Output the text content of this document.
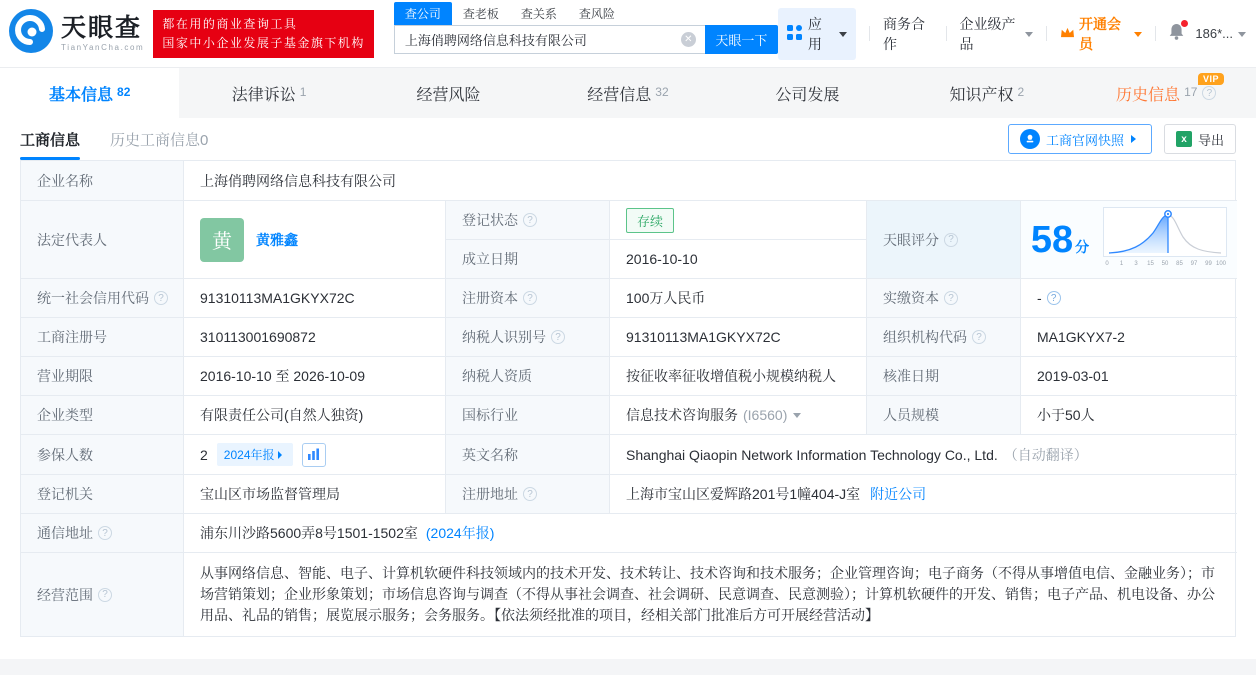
天眼查
TianYanCha.com
都在用的商业查询工具
国家中小企业发展子基金旗下机构
查公司	查老板	查关系	查风险
上海俏聘网络信息科技有限公司
✕	天眼一下
应用
商务合作
企业级产品
开通会员
186*...
基本信息 82	法律诉讼 1	经营风险	经营信息 32	公司发展	知识产权 2
VIP
历史信息 17
?
工商信息 历史工商信息0	工商官网快照	x 导出
企业名称	上海俏聘网络信息科技有限公司
法定代表人	黄	黄雅鑫
登记状态 ?	存续
成立日期	2016-10-10
天眼评分 ? 58 分
0 1 3 15 50 85 97 99 100
统一社会信用代码 ?	91310113MA1GKYX72C	注册资本 ?	100万人民币	实缴资本 ?	-
?
工商注册号	310113001690872	纳税人识别号 ?	91310113MA1GKYX72C	组织机构代码 ?	MA1GKYX7-2
营业期限	2016-10-10 至 2026-10-09	纳税人资质	按征收率征收增值税小规模纳税人	核准日期	2019-03-01
企业类型	有限责任公司(自然人独资)	国标行业	信息技术咨询服务 (I6560)	人员规模	小于50人
参保人数	2 2024年报	英文名称	Shanghai Qiaopin Network Information Technology Co., Ltd. （自动翻译）
登记机关	宝山区市场监督管理局	注册地址 ?	上海市宝山区爱辉路201号1幢404-J室 附近公司
通信地址 ?	浦东川沙路5600弄8号1501-1502室 (2024年报)
经营范围
?
从事网络信息、智能、电子、计算机软硬件科技领域内的技术开发、技术转让、技术咨询和技术服务；企业管理咨询；电子商务（不得从事增值电信、金融业务）；市场营销策划；企业形象策划；市场信息咨询与调查（不得从事社会调查、社会调研、民意调查、民意测验）；计算机软硬件的开发、销售；电子产品、机电设备、办公用品、礼品的销售；展览展示服务；会务服务。【依法须经批准的项目，经相关部门批准后方可开展经营活动】
